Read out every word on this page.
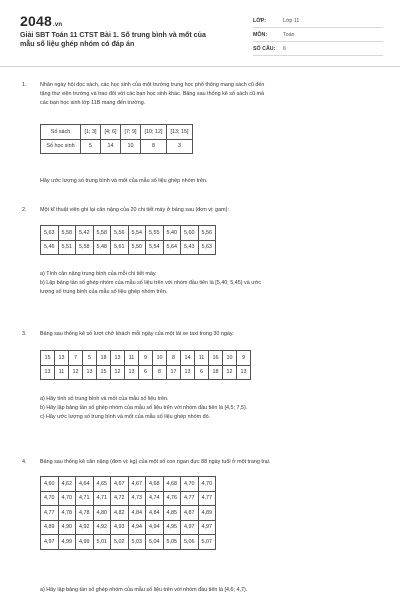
2048.vn
Giải SBT Toán 11 CTST Bài 1. Số trung bình và mốt của
mẫu số liệu ghép nhóm có đáp án
LỚP:	Lớp 11
MÔN:	Toán
SỐ CÂU: 6
1.	Nhân ngày hội đọc sách, các học sinh của một trường trung học phổ thông mang sách cũ đến

tặng thư viện trường và trao đổi với các bạn học sinh khác. Bảng sau thống kê số sách cũ mà

các bạn học sinh lớp 11B mang đến trường.

Số sách	[1; 3]	[4; 6]	[7; 9]	[10; 12]	[13; 15]
Số học sinh	5	14	10	8	3
Hãy ước lượng số trung bình và mốt của mẫu số liệu ghép nhóm trên.
2.	Một kĩ thuật viên ghi lại cân nặng của 20 chi tiết máy ở bảng sau (đơn vị: gam):

5,63	5,58	5,42	5,58	5,56	5,54	5,55	5,40	5,60	5,56
5,46	5,51	5,58	5,48	5,61	5,50	5,54	5,64	5,43	5,63
a) Tính cân nặng trung bình của mỗi chi tiết máy.
b) Lập bảng tần số ghép nhóm của mẫu số liệu trên với nhóm đầu tiên là [5,40; 5,45) và ước
lượng số trung bình của mẫu số liệu ghép nhóm trên.
3.	Bảng sau thống kê số lượt chở khách mỗi ngày của một lái xe taxi trong 30 ngày.

15	13	7	5	18	13	11	9	10	8	14	11	16	10	9
13	11	12	13	15	12	13	6	8	17	13	6	18	12	13
a) Hãy tính số trung bình và mốt của mẫu số liệu trên.
b) Hãy lập bảng tần số ghép nhóm của mẫu số liệu trên với nhóm đầu tiên là [4,5; 7,5).
c) Hãy ước lượng số trung bình và mốt của mẫu số liệu ghép nhóm đó.
4.	Bảng sau thống kê cân nặng (đơn vị: kg) của một số con ngan đực 88 ngày tuổi ở một trang trại.

4,60	4,62	4,64	4,65	4,67	4,67	4,68	4,68	4,70	4,70
4,70	4,70	4,71	4,71	4,72	4,73	4,74	4,76	4,77	4,77
4,77	4,78	4,78	4,80	4,82	4,84	4,84	4,85	4,87	4,89
4,89	4,90	4,92	4,92	4,93	4,94	4,94	4,95	4,97	4,97
4,97	4,99	4,99	5,01	5,02	5,03	5,04	5,05	5,06	5,07
a) Hãy lập bảng tần số ghép nhóm của mẫu số liệu trên với nhóm đầu tiên là [4,6; 4,7).
